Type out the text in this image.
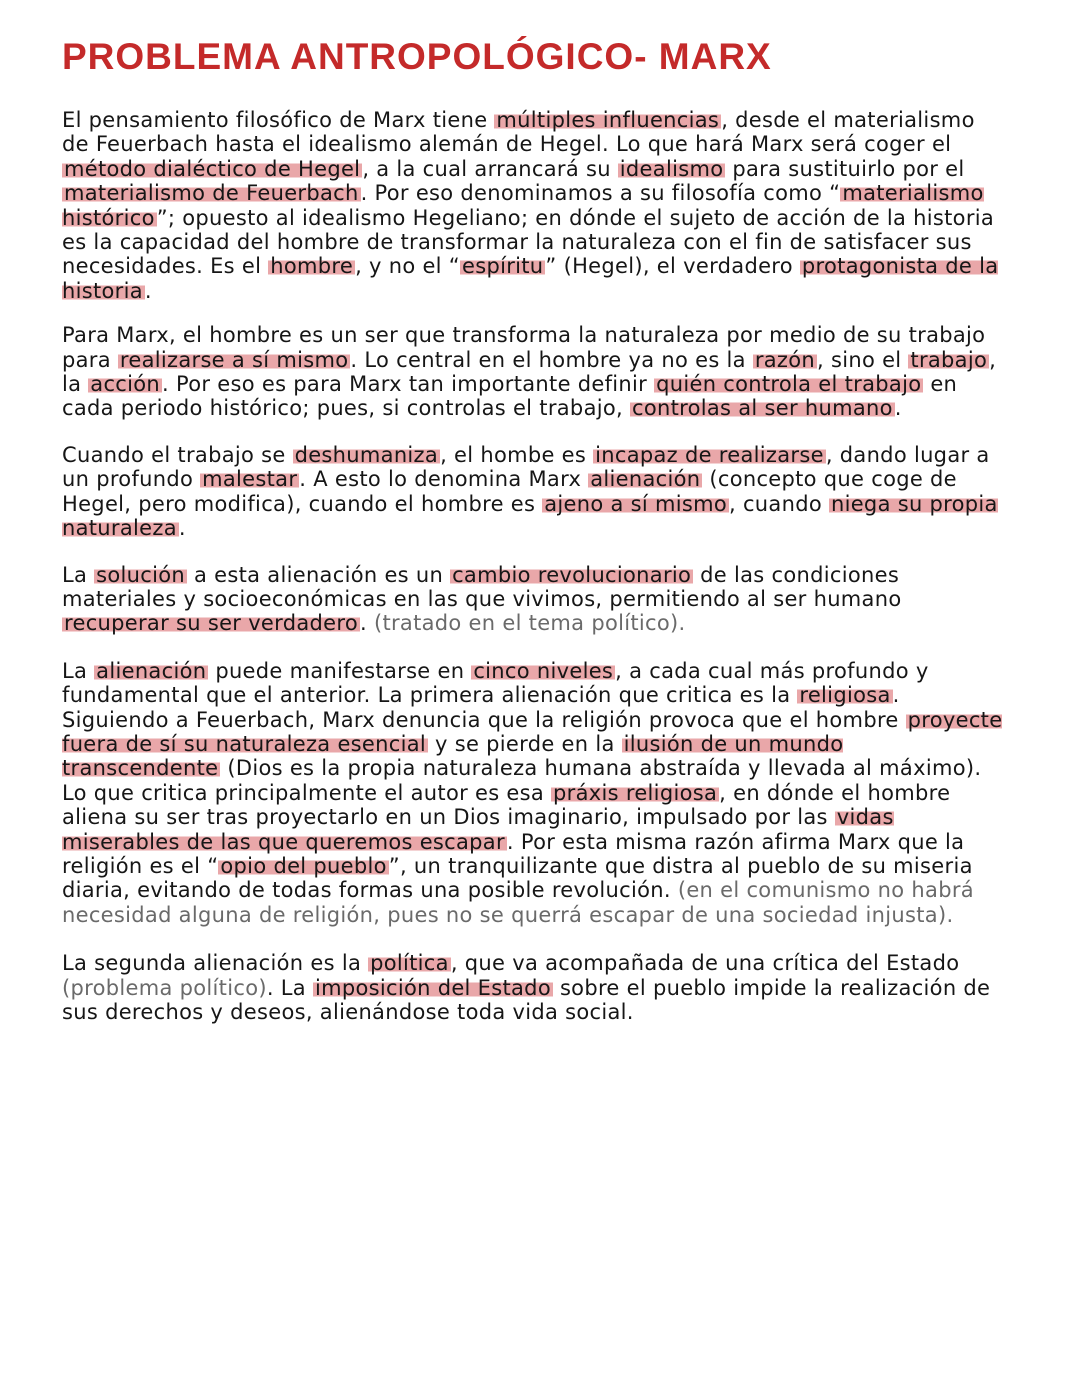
PROBLEMA ANTROPOLÓGICO- MARX

El pensamiento filosófico de Marx tiene múltiples influencias, desde el materialismo de Feuerbach hasta el idealismo alemán de Hegel. Lo que hará Marx será coger el método dialéctico de Hegel, a la cual arrancará su idealismo para sustituirlo por el materialismo de Feuerbach. Por eso denominamos a su filosofía como “materialismo histórico”; opuesto al idealismo Hegeliano; en dónde el sujeto de acción de la historia es la capacidad del hombre de transformar la naturaleza con el fin de satisfacer sus necesidades. Es el hombre, y no el “espíritu” (Hegel), el verdadero protagonista de la historia.

Para Marx, el hombre es un ser que transforma la naturaleza por medio de su trabajo para realizarse a sí mismo. Lo central en el hombre ya no es la razón, sino el trabajo, la acción. Por eso es para Marx tan importante definir quién controla el trabajo en cada periodo histórico; pues, si controlas el trabajo, controlas al ser humano.

Cuando el trabajo se deshumaniza, el hombe es incapaz de realizarse, dando lugar a un profundo malestar. A esto lo denomina Marx alienación (concepto que coge de Hegel, pero modifica), cuando el hombre es ajeno a sí mismo, cuando niega su propia naturaleza.

La solución a esta alienación es un cambio revolucionario de las condiciones materiales y socioeconómicas en las que vivimos, permitiendo al ser humano recuperar su ser verdadero. (tratado en el tema político).

La alienación puede manifestarse en cinco niveles, a cada cual más profundo y fundamental que el anterior. La primera alienación que critica es la religiosa. Siguiendo a Feuerbach, Marx denuncia que la religión provoca que el hombre proyecte fuera de sí su naturaleza esencial y se pierde en la ilusión de un mundo transcendente (Dios es la propia naturaleza humana abstraída y llevada al máximo). Lo que critica principalmente el autor es esa práxis religiosa, en dónde el hombre aliena su ser tras proyectarlo en un Dios imaginario, impulsado por las vidas miserables de las que queremos escapar. Por esta misma razón afirma Marx que la religión es el “opio del pueblo”, un tranquilizante que distra al pueblo de su miseria diaria, evitando de todas formas una posible revolución. (en el comunismo no habrá necesidad alguna de religión, pues no se querrá escapar de una sociedad injusta).

La segunda alienación es la política, que va acompañada de una crítica del Estado (problema político). La imposición del Estado sobre el pueblo impide la realización de sus derechos y deseos, alienándose toda vida social.
